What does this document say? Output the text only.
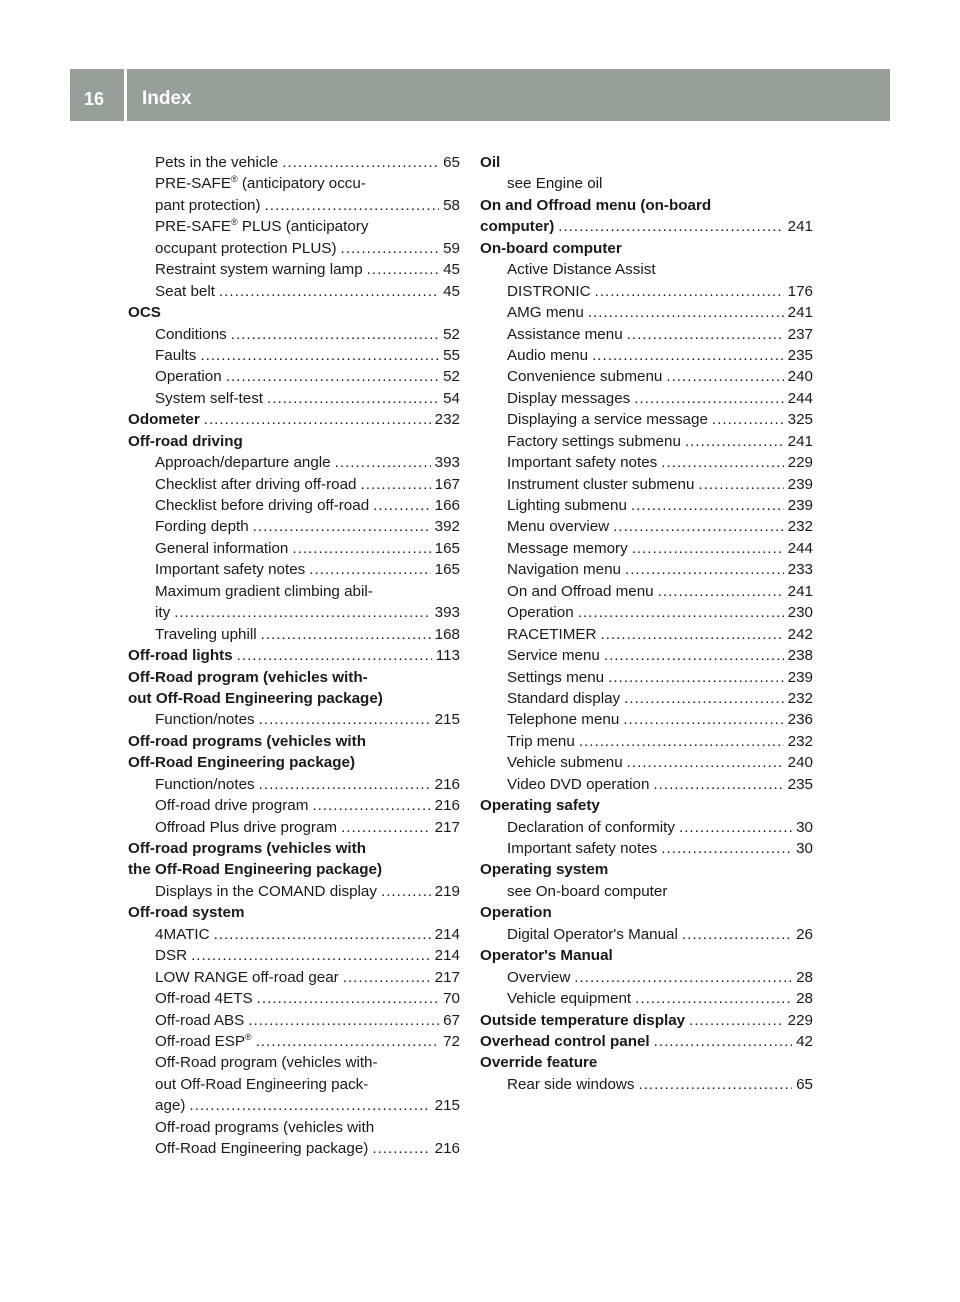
16 Index
Pets in the vehicle .....	65
PRE-SAFE® (anticipatory occu-
pant protection) .....	58
PRE-SAFE® PLUS (anticipatory
occupant protection PLUS) .....	59
Restraint system warning lamp .....	45
Seat belt .....	45
OCS
Conditions .....	52
Faults .....	55
Operation .....	52
System self-test .....	54
Odometer .....	232
Off-road driving
Approach/departure angle .....	393
Checklist after driving off-road .....	167
Checklist before driving off-road .....	166
Fording depth .....	392
General information .....	165
Important safety notes .....	165
Maximum gradient climbing abil-
ity .....	393
Traveling uphill .....	168
Off-road lights .....	113
Off-Road program (vehicles with-
out Off-Road Engineering package)
Function/notes .....	215
Off-road programs (vehicles with
Off-Road Engineering package)
Function/notes .....	216
Off-road drive program .....	216
Offroad Plus drive program .....	217
Off-road programs (vehicles with
the Off-Road Engineering package)
Displays in the COMAND display .....	219
Off-road system
4MATIC .....	214
DSR .....	214
LOW RANGE off-road gear .....	217
Off-road 4ETS .....	70
Off-road ABS .....	67
Off-road ESP® .....	72
Off-Road program (vehicles with-
out Off-Road Engineering pack-
age) .....	215
Off-road programs (vehicles with
Off-Road Engineering package) .....	216
Oil
see Engine oil
On and Offroad menu (on-board
computer) .....	241
On-board computer
Active Distance Assist
DISTRONIC .....	176
AMG menu .....	241
Assistance menu .....	237
Audio menu .....	235
Convenience submenu .....	240
Display messages .....	244
Displaying a service message .....	325
Factory settings submenu .....	241
Important safety notes .....	229
Instrument cluster submenu .....	239
Lighting submenu .....	239
Menu overview .....	232
Message memory .....	244
Navigation menu .....	233
On and Offroad menu .....	241
Operation .....	230
RACETIMER .....	242
Service menu .....	238
Settings menu .....	239
Standard display .....	232
Telephone menu .....	236
Trip menu .....	232
Vehicle submenu .....	240
Video DVD operation .....	235
Operating safety
Declaration of conformity .....	30
Important safety notes .....	30
Operating system
see On-board computer
Operation
Digital Operator's Manual .....	26
Operator's Manual
Overview .....	28
Vehicle equipment .....	28
Outside temperature display .....	229
Overhead control panel .....	42
Override feature
Rear side windows .....	65
